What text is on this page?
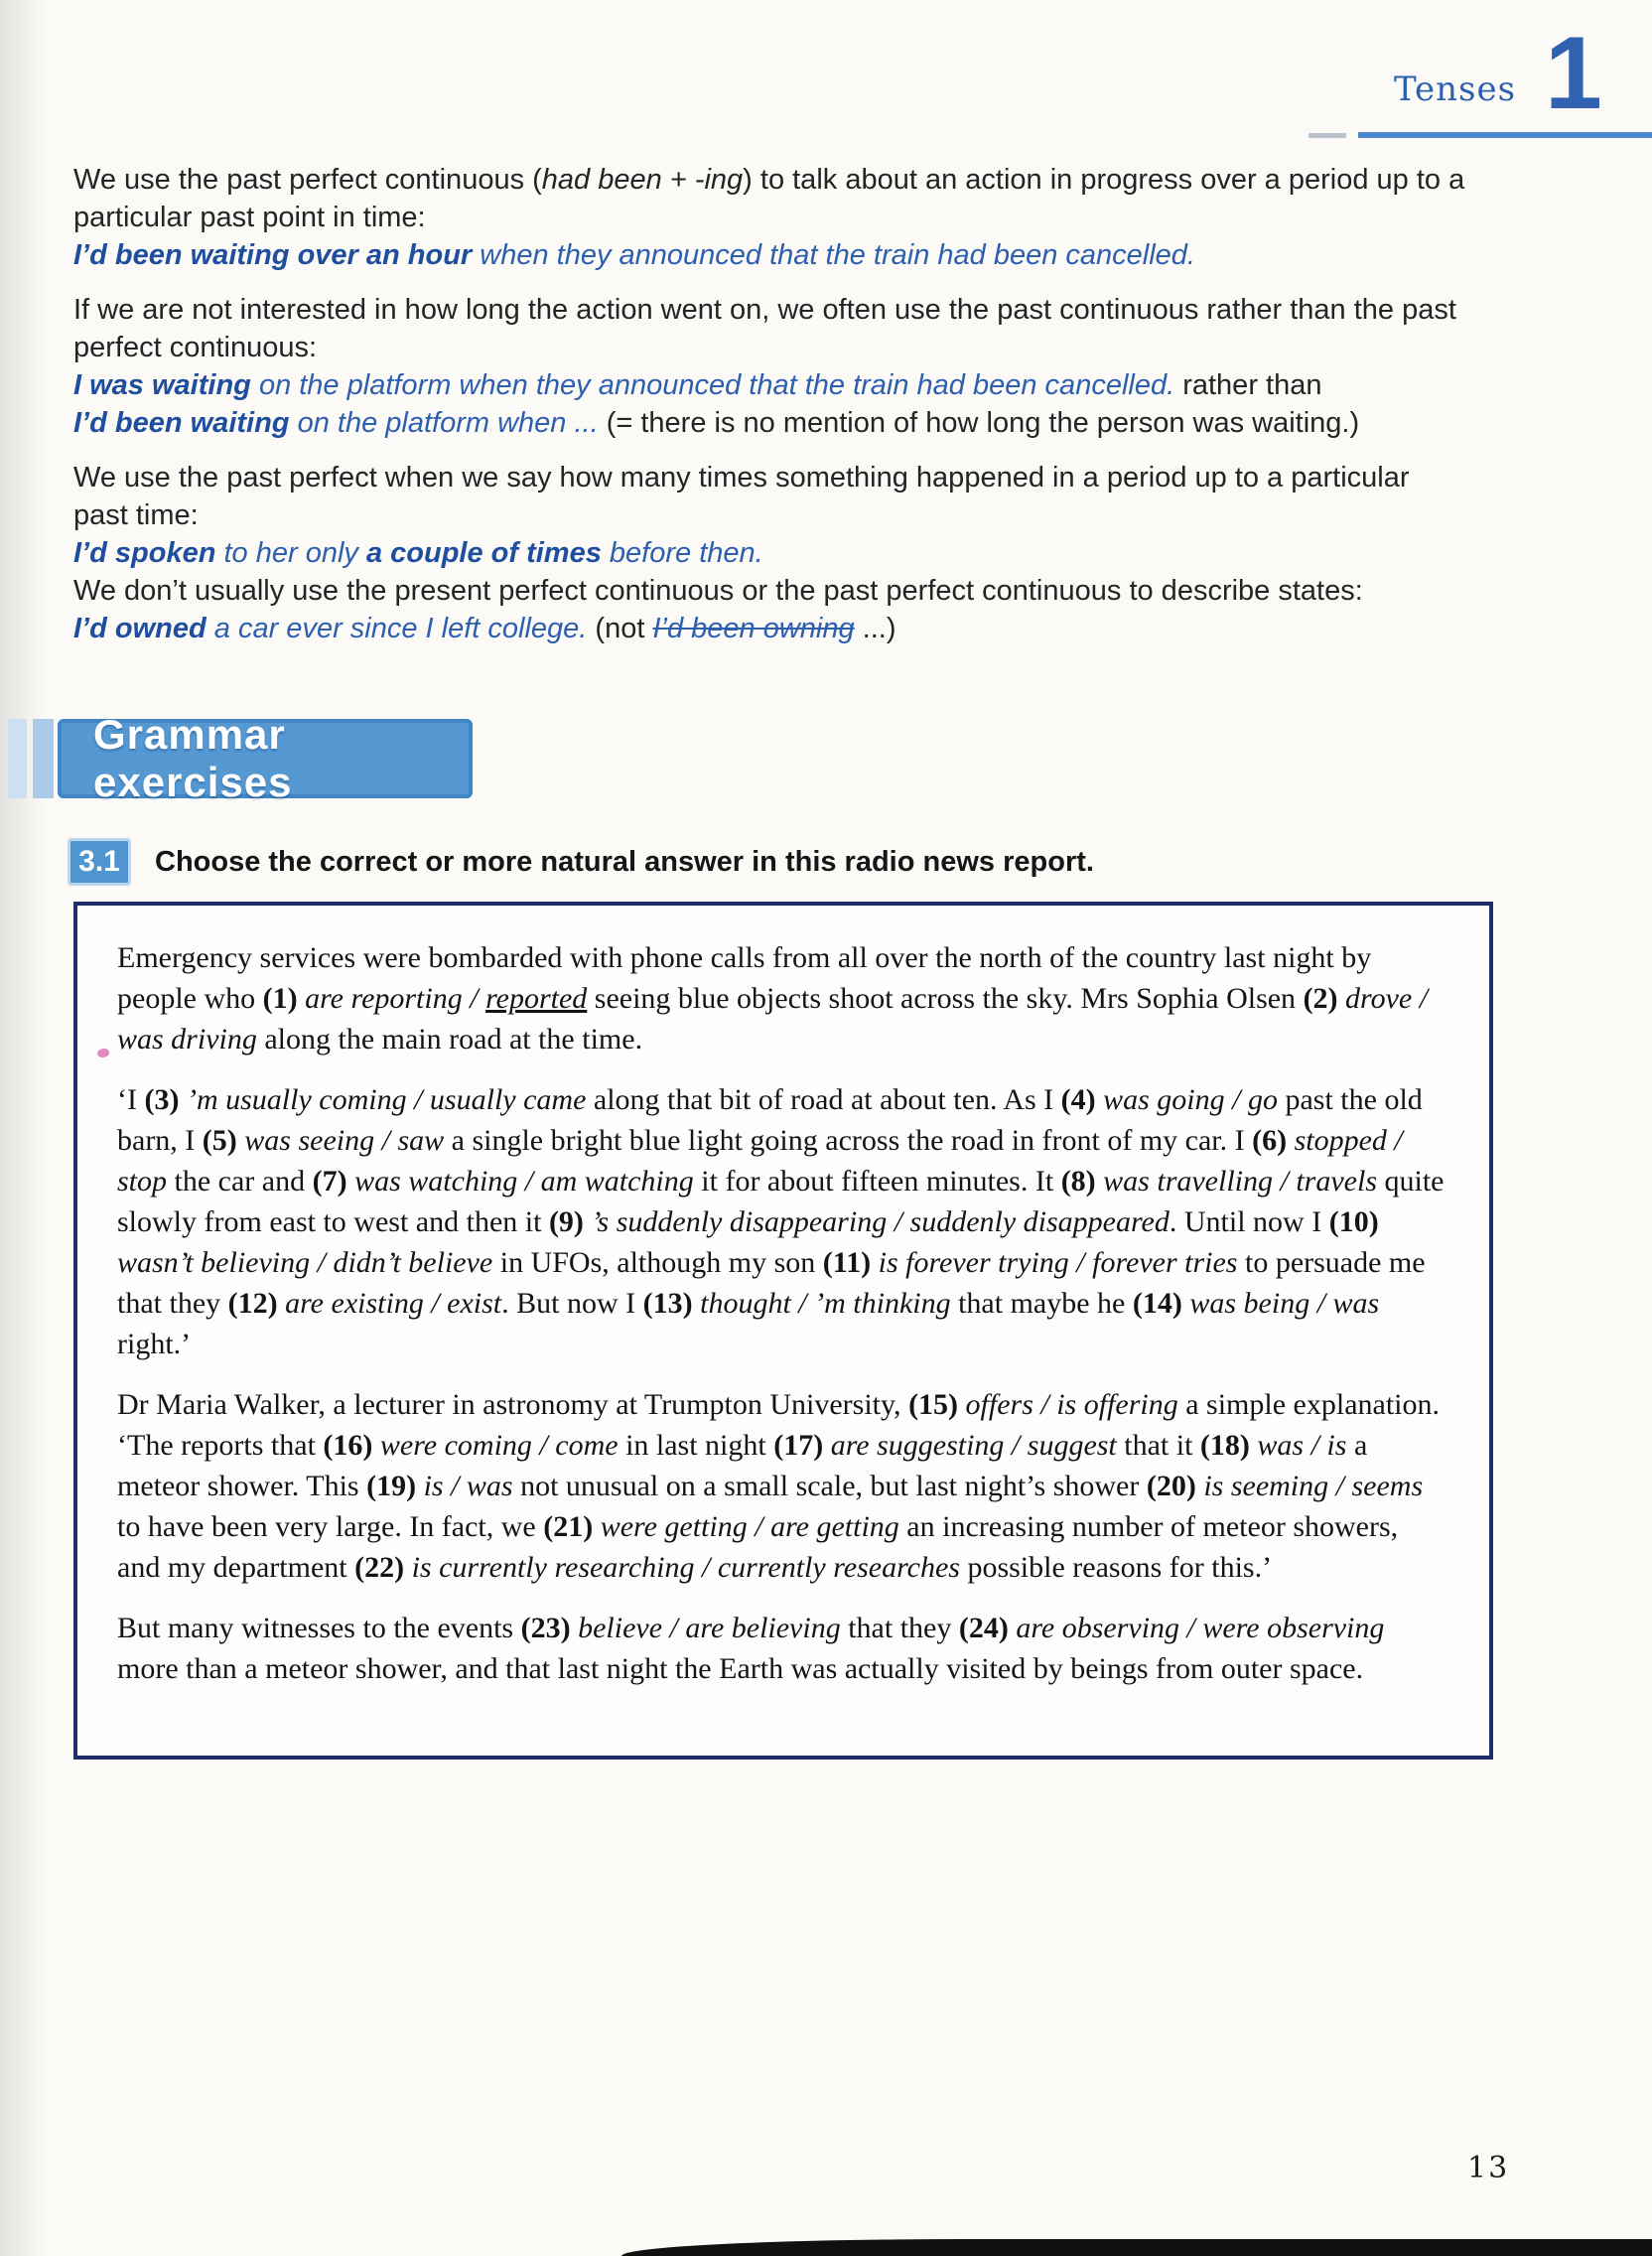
Tenses 1

We use the past perfect continuous (had been + -ing) to talk about an action in progress over a period up to a particular past point in time:

I’d been waiting over an hour when they announced that the train had been cancelled.

If we are not interested in how long the action went on, we often use the past continuous rather than the past perfect continuous:

I was waiting on the platform when they announced that the train had been cancelled. rather than

I’d been waiting on the platform when ... (= there is no mention of how long the person was waiting.)

We use the past perfect when we say how many times something happened in a period up to a particular past time:

I’d spoken to her only a couple of times before then.

We don’t usually use the present perfect continuous or the past perfect continuous to describe states:

I’d owned a car ever since I left college. (not I’d been owning ...)

Grammar exercises
3.1	Choose the correct or more natural answer in this radio news report.

Emergency services were bombarded with phone calls from all over the north of the country last night by people who (1) are reporting / reported seeing blue objects shoot across the sky. Mrs Sophia Olsen (2) drove / was driving along the main road at the time.

‘I (3) ’m usually coming / usually came along that bit of road at about ten. As I (4) was going / go past the old barn, I (5) was seeing / saw a single bright blue light going across the road in front of my car. I (6) stopped / stop the car and (7) was watching / am watching it for about fifteen minutes. It (8) was travelling / travels quite slowly from east to west and then it (9) ’s suddenly disappearing / suddenly disappeared. Until now I (10) wasn’t believing / didn’t believe in UFOs, although my son (11) is forever trying / forever tries to persuade me that they (12) are existing / exist. But now I (13) thought / ’m thinking that maybe he (14) was being / was right.’

Dr Maria Walker, a lecturer in astronomy at Trumpton University, (15) offers / is offering a simple explanation. ‘The reports that (16) were coming / come in last night (17) are suggesting / suggest that it (18) was / is a meteor shower. This (19) is / was not unusual on a small scale, but last night’s shower (20) is seeming / seems to have been very large. In fact, we (21) were getting / are getting an increasing number of meteor showers, and my department (22) is currently researching / currently researches possible reasons for this.’

But many witnesses to the events (23) believe / are believing that they (24) are observing / were observing more than a meteor shower, and that last night the Earth was actually visited by beings from outer space.

13
